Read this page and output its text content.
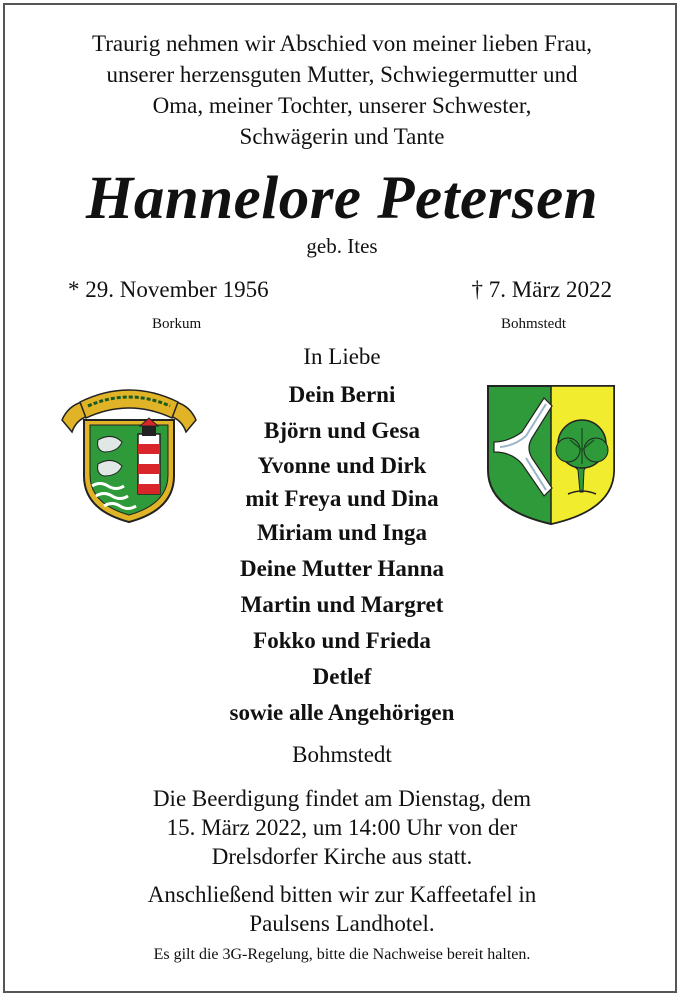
Traurig nehmen wir Abschied von meiner lieben Frau,
unserer herzensguten Mutter, Schwiegermutter und
Oma, meiner Tochter, unserer Schwester,
Schwägerin und Tante
Hannelore Petersen
geb. Ites
* 29. November 1956	† 7. März 2022
Borkum	Bohmstedt
In Liebe
Dein Berni
Björn und Gesa
Yvonne und Dirk
mit Freya und Dina
Miriam und Inga
Deine Mutter Hanna
Martin und Margret
Fokko und Frieda
Detlef
sowie alle Angehörigen
Bohmstedt
Die Beerdigung findet am Dienstag, dem
15. März 2022, um 14:00 Uhr von der
Drelsdorfer Kirche aus statt.
Anschließend bitten wir zur Kaffeetafel in
Paulsens Landhotel.
Es gilt die 3G-Regelung, bitte die Nachweise bereit halten.
